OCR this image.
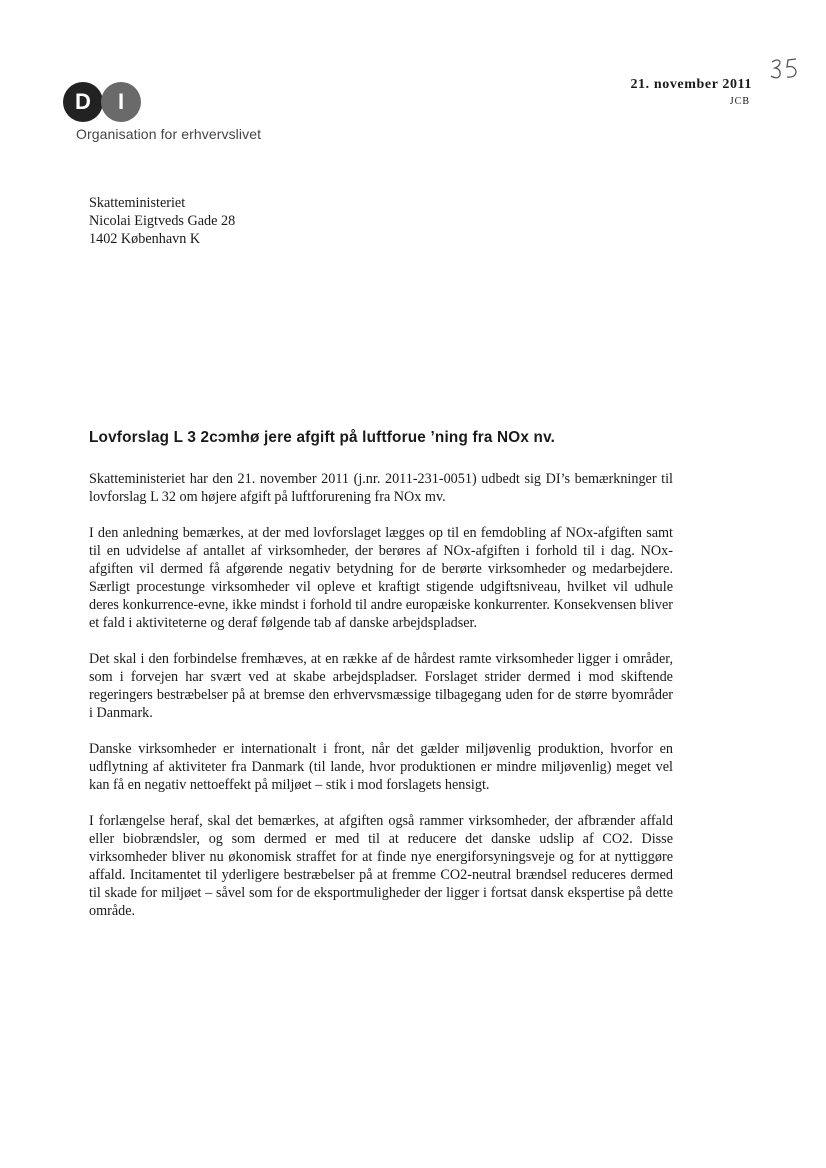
D	I
Organisation for erhvervslivet
21. november 2011
JCB
Skatteministeriet
Nicolai Eigtveds Gade 28
1402 København K
Lovforslag L 3 2cɔmhø jere afgift på luftforue ’ning fra NOx nv.

Skatteministeriet har den 21. november 2011 (j.nr. 2011-231-0051) udbedt sig DI’s bemærkninger til lovforslag L 32 om højere afgift på luftforurening fra NOx mv.

I den anledning bemærkes, at der med lovforslaget lægges op til en femdobling af NOx-afgiften samt til en udvidelse af antallet af virksomheder, der berøres af NOx-afgiften i forhold til i dag. NOx-afgiften vil dermed få afgørende negativ betydning for de berørte virksomheder og medarbejdere. Særligt procestunge virksomheder vil opleve et kraftigt stigende udgiftsniveau, hvilket vil udhule deres konkurrence-evne, ikke mindst i forhold til andre europæiske konkurrenter. Konsekvensen bliver et fald i aktiviteterne og deraf følgende tab af danske arbejdspladser.

Det skal i den forbindelse fremhæves, at en række af de hårdest ramte virksomheder ligger i områder, som i forvejen har svært ved at skabe arbejdspladser. Forslaget strider dermed i mod skiftende regeringers bestræbelser på at bremse den erhvervsmæssige tilbagegang uden for de større byområder i Danmark.

Danske virksomheder er internationalt i front, når det gælder miljøvenlig produktion, hvorfor en udflytning af aktiviteter fra Danmark (til lande, hvor produktionen er mindre miljøvenlig) meget vel kan få en negativ nettoeffekt på miljøet – stik i mod forslagets hensigt.

I forlængelse heraf, skal det bemærkes, at afgiften også rammer virksomheder, der afbrænder affald eller biobrændsler, og som dermed er med til at reducere det danske udslip af CO2. Disse virksomheder bliver nu økonomisk straffet for at finde nye energiforsyningsveje og for at nyttiggøre affald. Incitamentet til yderligere bestræbelser på at fremme CO2-neutral brændsel reduceres dermed til skade for miljøet – såvel som for de eksportmuligheder der ligger i fortsat dansk ekspertise på dette område.
